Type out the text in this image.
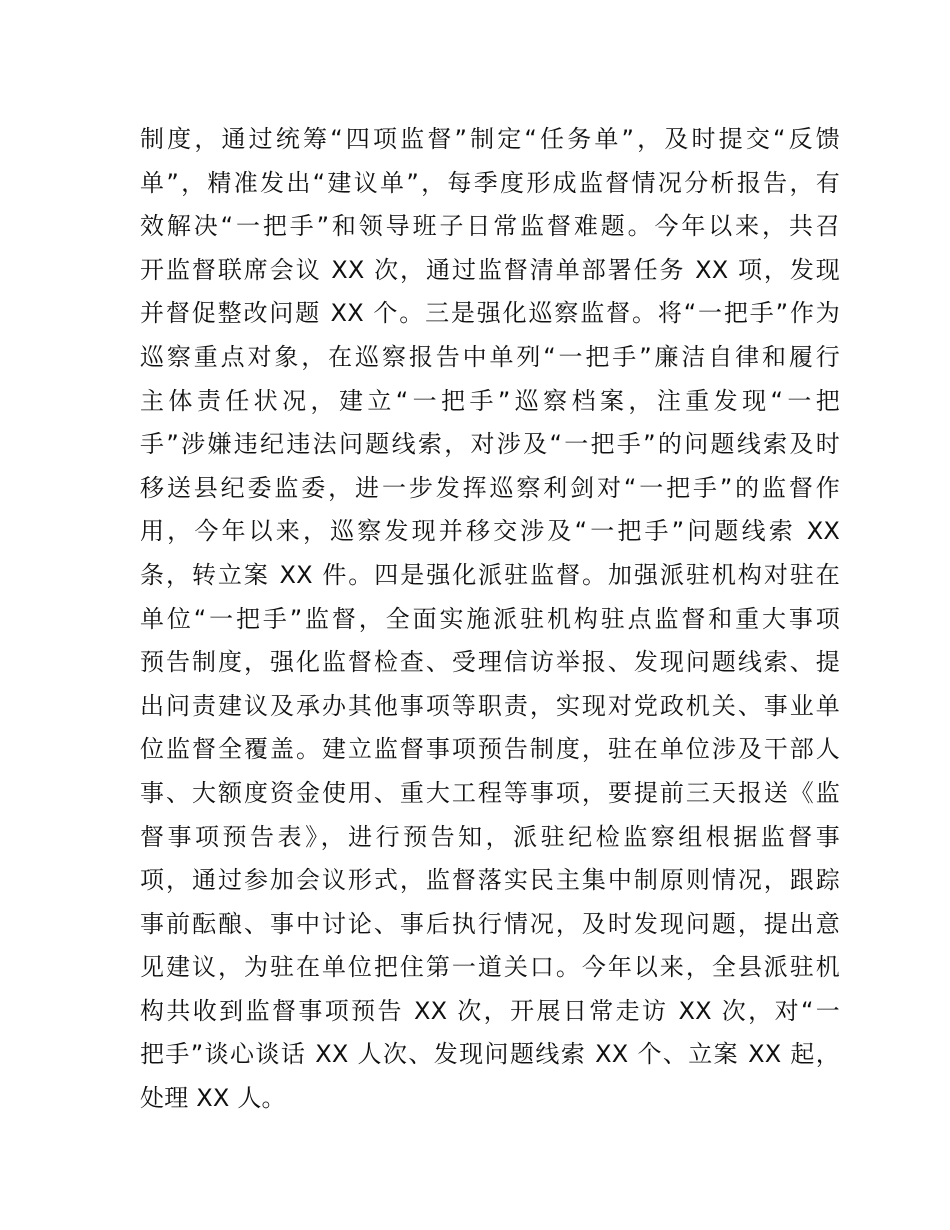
制度，通过统筹“四项监督”制定“任务单”，及时提交“反馈
单”，精准发出“建议单”，每季度形成监督情况分析报告，有
效解决“一把手”和领导班子日常监督难题。今年以来，共召
开监督联席会议 XX 次，通过监督清单部署任务 XX 项，发现
并督促整改问题 XX 个。三是强化巡察监督。将“一把手”作为
巡察重点对象，在巡察报告中单列“一把手”廉洁自律和履行
主体责任状况，建立“一把手”巡察档案，注重发现“一把
手”涉嫌违纪违法问题线索，对涉及“一把手”的问题线索及时
移送县纪委监委，进一步发挥巡察利剑对“一把手”的监督作
用，今年以来，巡察发现并移交涉及“一把手”问题线索 XX
条，转立案 XX 件。四是强化派驻监督。加强派驻机构对驻在
单位“一把手”监督，全面实施派驻机构驻点监督和重大事项
预告制度，强化监督检查、受理信访举报、发现问题线索、提
出问责建议及承办其他事项等职责，实现对党政机关、事业单
位监督全覆盖。建立监督事项预告制度，驻在单位涉及干部人
事、大额度资金使用、重大工程等事项，要提前三天报送《监
督事项预告表》，进行预告知，派驻纪检监察组根据监督事
项，通过参加会议形式，监督落实民主集中制原则情况，跟踪
事前酝酿、事中讨论、事后执行情况，及时发现问题，提出意
见建议，为驻在单位把住第一道关口。今年以来，全县派驻机
构共收到监督事项预告 XX 次，开展日常走访 XX 次，对“一
把手”谈心谈话 XX 人次、发现问题线索 XX 个、立案 XX 起，
处理 XX 人。
